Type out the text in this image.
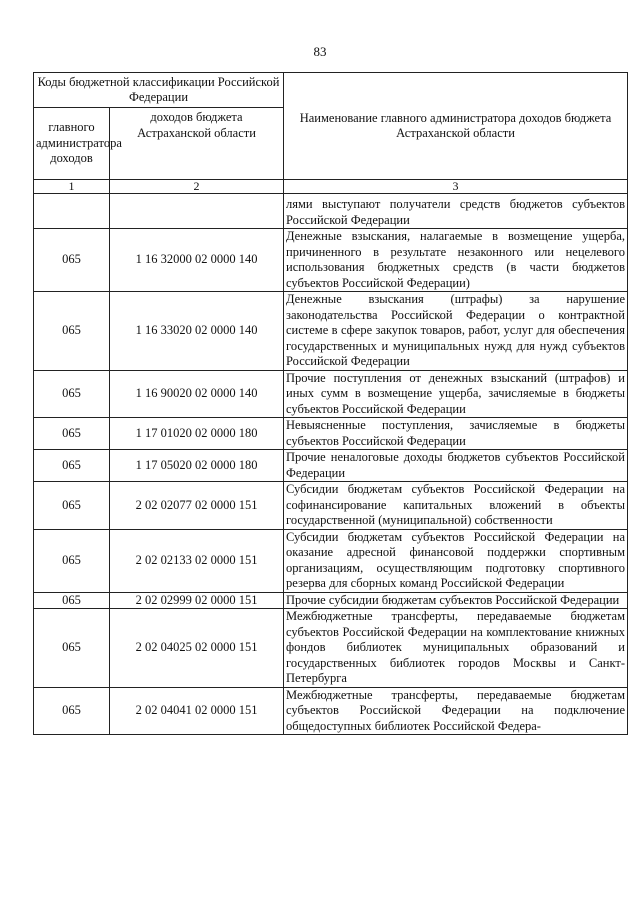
83
Коды бюджетной классификации Российской Федерации		Наименование главного администратора доходов бюджета Астраханской области
главного администратора доходов	доходов бюджета Астраханской области	
1	2	3
		лями выступают получатели средств бюджетов субъектов Российской Федерации
065	1 16 32000 02 0000 140	Денежные взыскания, налагаемые в возмещение ущерба, причиненного в результате незаконного или нецелевого использования бюджетных средств (в части бюджетов субъектов Российской Федерации)
065	1 16 33020 02 0000 140	Денежные взыскания (штрафы) за нарушение законодательства Российской Федерации о контрактной системе в сфере закупок товаров, работ, услуг для обеспечения государственных и муниципальных нужд для нужд субъектов Российской Федерации
065	1 16 90020 02 0000 140	Прочие поступления от денежных взысканий (штрафов) и иных сумм в возмещение ущерба, зачисляемые в бюджеты субъектов Российской Федерации
065	1 17 01020 02 0000 180	Невыясненные поступления, зачисляемые в бюджеты субъектов Российской Федерации
065	1 17 05020 02 0000 180	Прочие неналоговые доходы бюджетов субъектов Российской Федерации
065	2 02 02077 02 0000 151	Субсидии бюджетам субъектов Российской Федерации на софинансирование капитальных вложений в объекты государственной (муниципальной) собственности
065	2 02 02133 02 0000 151	Субсидии бюджетам субъектов Российской Федерации на оказание адресной финансовой поддержки спортивным организациям, осуществляющим подготовку спортивного резерва для сборных команд Российской Федерации
065	2 02 02999 02 0000 151	Прочие субсидии бюджетам субъектов Российской Федерации
065	2 02 04025 02 0000 151	Межбюджетные трансферты, передаваемые бюджетам субъектов Российской Федерации на комплектование книжных фондов библиотек муниципальных образований и государственных библиотек городов Москвы и Санкт-Петербурга
065	2 02 04041 02 0000 151	Межбюджетные трансферты, передаваемые бюджетам субъектов Российской Федерации на подключение общедоступных библиотек Российской Федера-
